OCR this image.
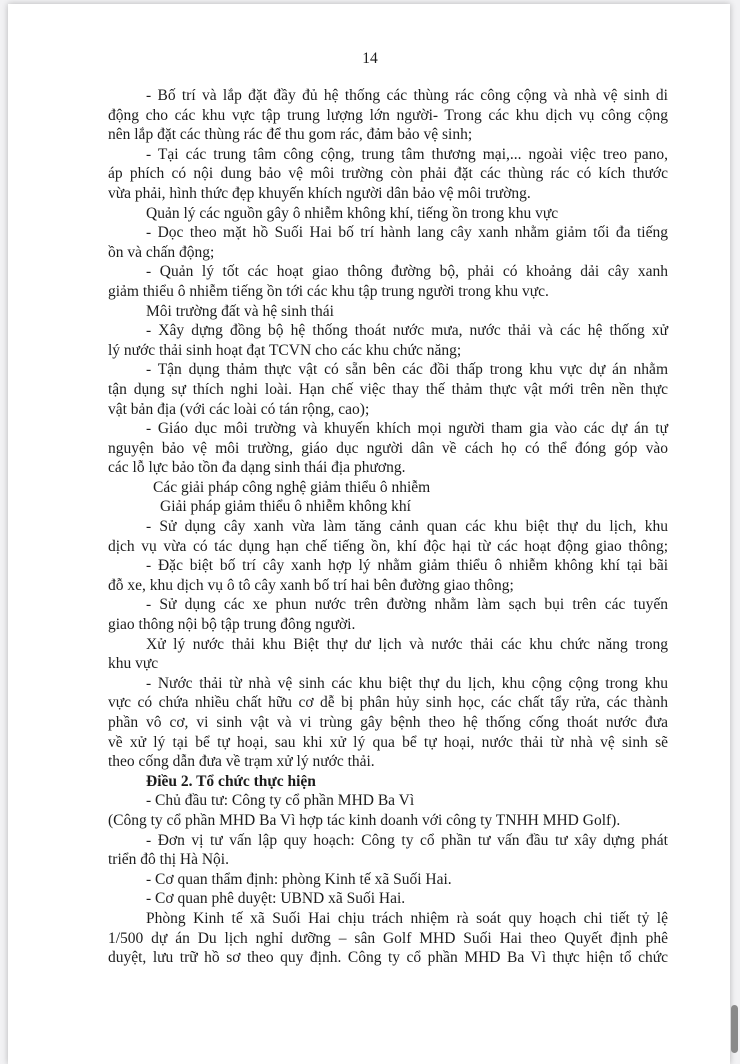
14

- Bố trí và lắp đặt đầy đủ hệ thống các thùng rác công cộng và nhà vệ sinh di

động cho các khu vực tập trung lượng lớn người- Trong các khu dịch vụ công cộng

nên lắp đặt các thùng rác để thu gom rác, đảm bảo vệ sinh;

- Tại các trung tâm công cộng, trung tâm thương mại,... ngoài việc treo pano,

áp phích có nội dung bảo vệ môi trường còn phải đặt các thùng rác có kích thước

vừa phải, hình thức đẹp khuyến khích người dân bảo vệ môi trường.

Quản lý các nguồn gây ô nhiễm không khí, tiếng ồn trong khu vực

- Dọc theo mặt hồ Suối Hai bố trí hành lang cây xanh nhằm giảm tối đa tiếng

ồn và chấn động;

- Quản lý tốt các hoạt giao thông đường bộ, phải có khoảng dải cây xanh

giảm thiểu ô nhiễm tiếng ồn tới các khu tập trung người trong khu vực.

Môi trường đất và hệ sinh thái

- Xây dựng đồng bộ hệ thống thoát nước mưa, nước thải và các hệ thống xử

lý nước thải sinh hoạt đạt TCVN cho các khu chức năng;

- Tận dụng thảm thực vật có sẵn bên các đồi thấp trong khu vực dự án nhằm

tận dụng sự thích nghi loài. Hạn chế việc thay thế thảm thực vật mới trên nền thực

vật bản địa (với các loài có tán rộng, cao);

- Giáo dục môi trường và khuyến khích mọi người tham gia vào các dự án tự

nguyện bảo vệ môi trường, giáo dục người dân về cách họ có thể đóng góp vào

các lỗ lực bảo tồn đa dạng sinh thái địa phương.

Các giải pháp công nghệ giảm thiểu ô nhiễm

Giải pháp giảm thiểu ô nhiễm không khí

- Sử dụng cây xanh vừa làm tăng cảnh quan các khu biệt thự du lịch, khu

dịch vụ vừa có tác dụng hạn chế tiếng ồn, khí độc hại từ các hoạt động giao thông;

- Đặc biệt bố trí cây xanh hợp lý nhằm giảm thiểu ô nhiễm không khí tại bãi

đỗ xe, khu dịch vụ ô tô cây xanh bố trí hai bên đường giao thông;

- Sử dụng các xe phun nước trên đường nhằm làm sạch bụi trên các tuyến

giao thông nội bộ tập trung đông người.

Xử lý nước thải khu Biệt thự dư lịch và nước thải các khu chức năng trong

khu vực

- Nước thải từ nhà vệ sinh các khu biệt thự du lịch, khu cộng cộng trong khu

vực có chứa nhiều chất hữu cơ dễ bị phân hủy sinh học, các chất tẩy rửa, các thành

phần vô cơ, vi sinh vật và vi trùng gây bệnh theo hệ thống cống thoát nước đưa

về xử lý tại bể tự hoại, sau khi xử lý qua bể tự hoại, nước thải từ nhà vệ sinh sẽ

theo cống dẫn đưa về trạm xử lý nước thải.

Điều 2. Tổ chức thực hiện

- Chủ đầu tư: Công ty cổ phần MHD Ba Vì

(Công ty cổ phần MHD Ba Vì hợp tác kinh doanh với công ty TNHH MHD Golf).

- Đơn vị tư vấn lập quy hoạch: Công ty cổ phần tư vấn đầu tư xây dựng phát

triển đô thị Hà Nội.

- Cơ quan thẩm định: phòng Kinh tế xã Suối Hai.

- Cơ quan phê duyệt: UBND xã Suối Hai.

Phòng Kinh tế xã Suối Hai chịu trách nhiệm rà soát quy hoạch chi tiết tỷ lệ

1/500 dự án Du lịch nghỉ dưỡng – sân Golf MHD Suối Hai theo Quyết định phê

duyệt, lưu trữ hồ sơ theo quy định. Công ty cổ phần MHD Ba Vì thực hiện tổ chức
